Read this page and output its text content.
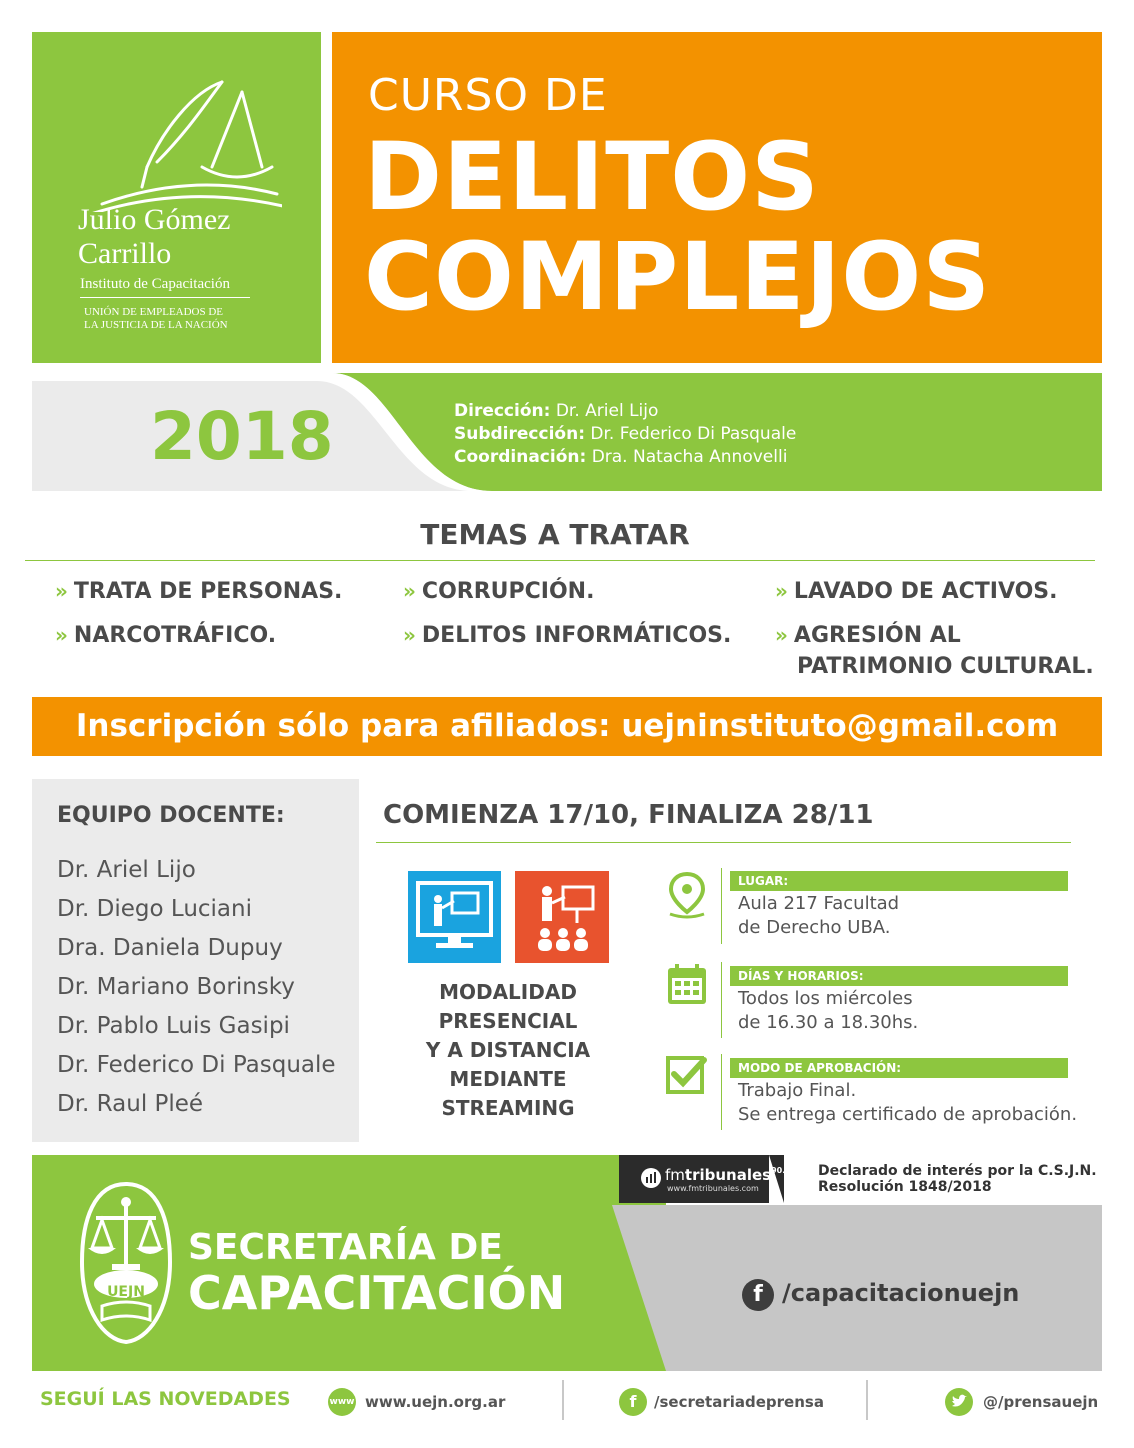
Julio Gómez
Carrillo
Instituto de Capacitación
UNIÓN DE EMPLEADOS DE
LA JUSTICIA DE LA NACIÓN
CURSO DE
DELITOS
COMPLEJOS
2018	Dirección: Dr. Ariel Lijo
Subdirección: Dr. Federico Di Pasquale
Coordinación: Dra. Natacha Annovelli
TEMAS A TRATAR
» TRATA DE PERSONAS.	» CORRUPCIÓN.	» LAVADO DE ACTIVOS.
» NARCOTRÁFICO.	» DELITOS INFORMÁTICOS. » AGRESIÓN AL
PATRIMONIO CULTURAL.
Inscripción sólo para afiliados: uejninstituto@gmail.com
EQUIPO DOCENTE:
Dr. Ariel Lijo
Dr. Diego Luciani
Dra. Daniela Dupuy
Dr. Mariano Borinsky
Dr. Pablo Luis Gasipi
Dr. Federico Di Pasquale
Dr. Raul Pleé
COMIENZA 17/10, FINALIZA 28/11
MODALIDAD
PRESENCIAL
Y A DISTANCIA
MEDIANTE
STREAMING
LUGAR:
Aula 217 Facultad
de Derecho UBA.
DÍAS Y HORARIOS:
Todos los miércoles
de 16.30 a 18.30hs.
MODO DE APROBACIÓN:
Trabajo Final.
Se entrega certificado de aprobación.
fmtribunales$^{90.5}$
www.fmtribunales.com
Declarado de interés por la C.S.J.N.
Resolución 1848/2018
UEJN
SECRETARÍA DE
CAPACITACIÓN	f /capacitacionuejn
SEGUÍ LAS NOVEDADES	www www.uejn.org.ar	f	/secretariadeprensa	@/prensauejn
